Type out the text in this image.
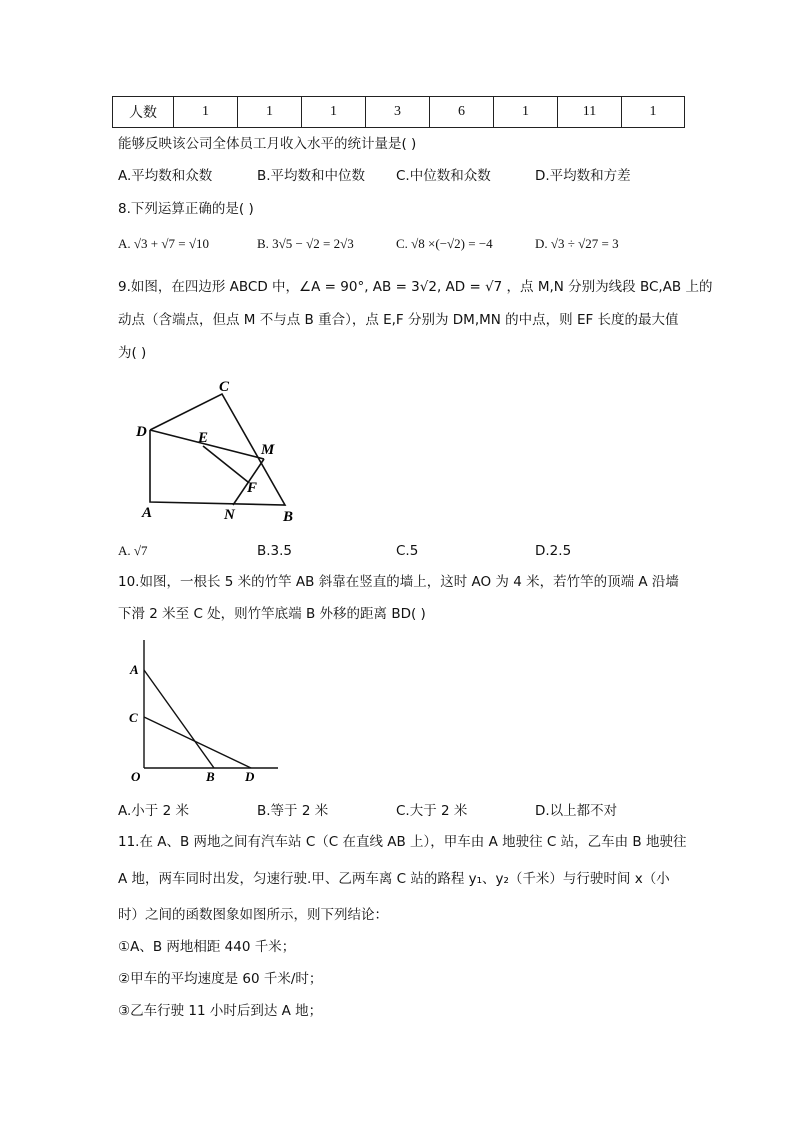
人数	1	1	1	3	6	1	11	1
能够反映该公司全体员工月收入水平的统计量是( )
A.平均数和众数	B.平均数和中位数 C.中位数和众数	D.平均数和方差
8.下列运算正确的是( )
A. √3 + √7 = √10	B. 3√5 − √2 = 2√3	C. √8 ×(−√2) = −4	D. √3 ÷ √27 = 3
9.如图，在四边形 ABCD 中，∠A = 90°, AB = 3√2, AD = √7 ，点 M,N 分别为线段 BC,AB 上的
动点（含端点，但点 M 不与点 B 重合），点 E,F 分别为 DM,MN 的中点，则 EF 长度的最大值
为( )
D
C
E
M
F
A	N	B
A. √7	B.3.5	C.5	D.2.5
10.如图，一根长 5 米的竹竿 AB 斜靠在竖直的墙上，这时 AO 为 4 米，若竹竿的顶端 A 沿墙
下滑 2 米至 C 处，则竹竿底端 B 外移的距离 BD( )
A
C
O	B D
A.小于 2 米	B.等于 2 米	C.大于 2 米	D.以上都不对
11.在 A、B 两地之间有汽车站 C（C 在直线 AB 上），甲车由 A 地驶往 C 站，乙车由 B 地驶往
A 地，两车同时出发，匀速行驶.甲、乙两车离 C 站的路程 y₁、y₂（千米）与行驶时间 x（小
时）之间的函数图象如图所示，则下列结论：
①A、B 两地相距 440 千米；
②甲车的平均速度是 60 千米/时；
③乙车行驶 11 小时后到达 A 地；
